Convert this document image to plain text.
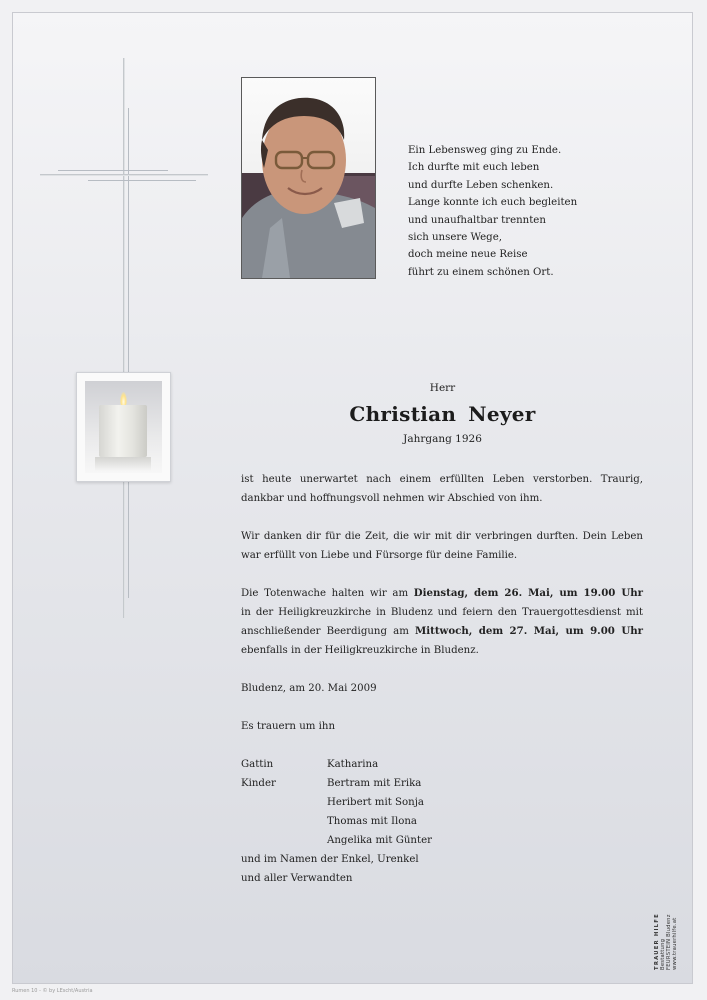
Ein Lebensweg ging zu Ende.
Ich durfte mit euch leben
und durfte Leben schenken.
Lange konnte ich euch begleiten
und unaufhaltbar trennten
sich unsere Wege,
doch meine neue Reise
führt zu einem schönen Ort.
Herr
Christian Neyer
Jahrgang 1926
ist heute unerwartet nach einem erfüllten Leben verstorben. Traurig,
dankbar und hoffnungsvoll nehmen wir Abschied von ihm.
Wir danken dir für die Zeit, die wir mit dir verbringen durften. Dein Leben
war erfüllt von Liebe und Fürsorge für deine Familie.
Die Totenwache halten wir am Dienstag, dem 26. Mai, um 19.00 Uhr
in der Heiligkreuzkirche in Bludenz und feiern den Trauergottesdienst mit
anschließender Beerdigung am Mittwoch, dem 27. Mai, um 9.00 Uhr
ebenfalls in der Heiligkreuzkirche in Bludenz.
Bludenz, am 20. Mai 2009
Es trauern um ihn
Gattin	Katharina
Kinder	Bertram mit Erika
Heribert mit Sonja
Thomas mit Ilona
Angelika mit Günter
und im Namen der Enkel, Urenkel
und aller Verwandten
TRAUER HILFE Bestattung FEURSTEIN Bludenz www.trauerhilfe.at
Rumen 10 - © by LEscht/Austria
